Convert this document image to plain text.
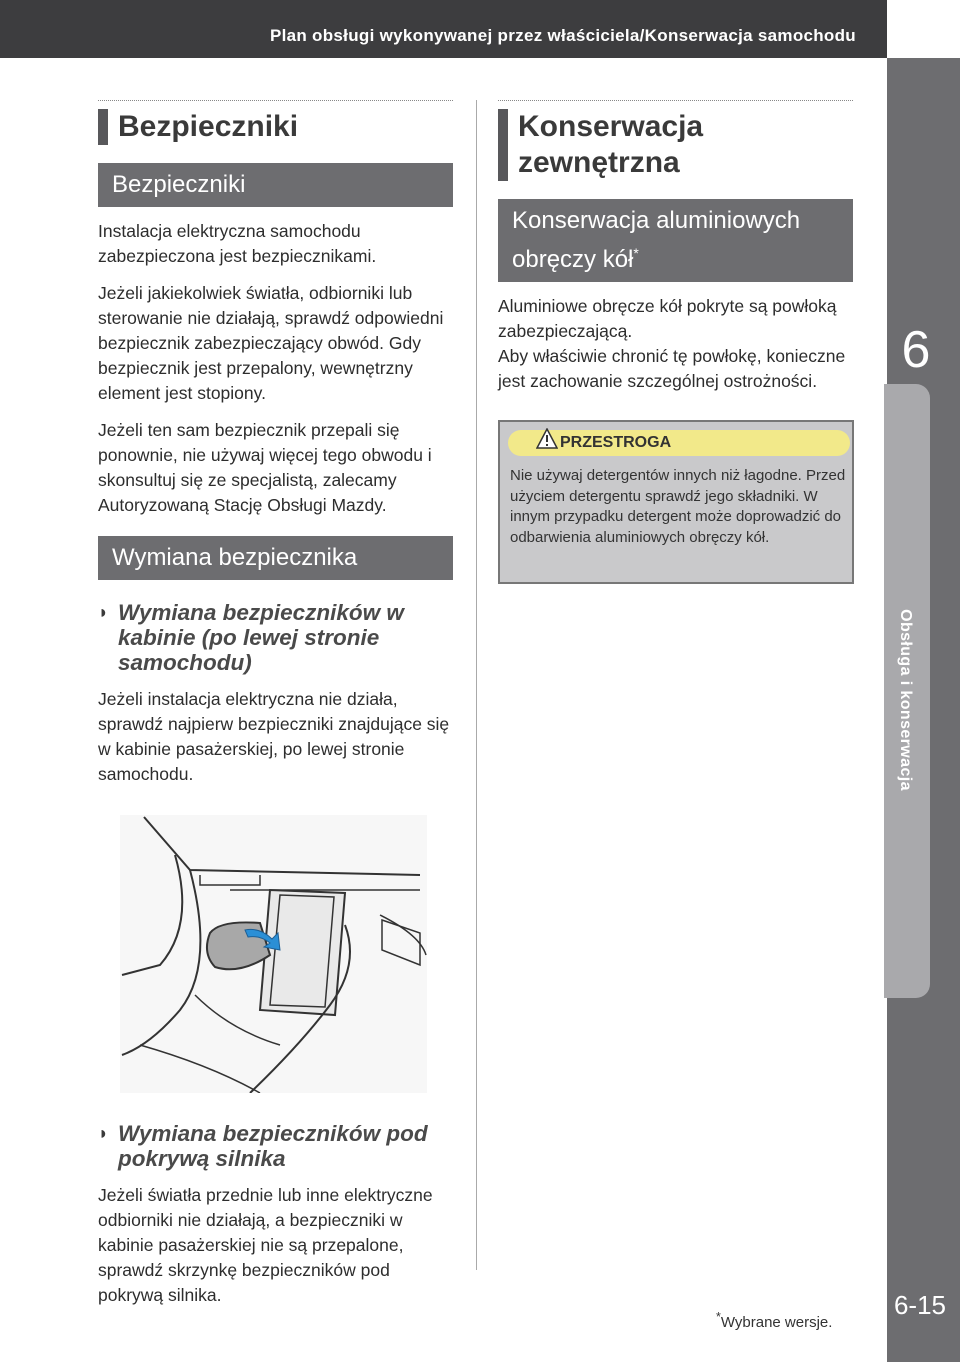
Plan obsługi wykonywanej przez właściciela/Konserwacja samochodu
6
Obsługa i konserwacja
6-15
Bezpieczniki
Bezpieczniki

Instalacja elektryczna samochodu zabezpieczona jest bezpiecznikami.

Jeżeli jakiekolwiek światła, odbiorniki lub sterowanie nie działają, sprawdź odpowiedni bezpiecznik zabezpieczający obwód. Gdy bezpiecznik jest przepalony, wewnętrzny element jest stopiony.

Jeżeli ten sam bezpiecznik przepali się ponownie, nie używaj więcej tego obwodu i skonsultuj się ze specjalistą, zalecamy Autoryzowaną Stację Obsługi Mazdy.

Wymiana bezpiecznika
◗ Wymiana bezpieczników w kabinie (po lewej stronie samochodu)

Jeżeli instalacja elektryczna nie działa, sprawdź najpierw bezpieczniki znajdujące się w kabinie pasażerskiej, po lewej stronie samochodu.

◗ Wymiana bezpieczników pod pokrywą silnika

Jeżeli światła przednie lub inne elektryczne odbiorniki nie działają, a bezpieczniki w kabinie pasażerskiej nie są przepalone, sprawdź skrzynkę bezpieczników pod pokrywą silnika.

Konserwacja zewnętrzna
Konserwacja aluminiowych obręczy kół*

Aluminiowe obręcze kół pokryte są powłoką zabezpieczającą.

Aby właściwie chronić tę powłokę, konieczne jest zachowanie szczególnej ostrożności.

PRZESTROGA
Nie używaj detergentów innych niż łagodne. Przed użyciem detergentu sprawdź jego składniki. W innym przypadku detergent może doprowadzić do odbarwienia aluminiowych obręczy kół.
*Wybrane wersje.
